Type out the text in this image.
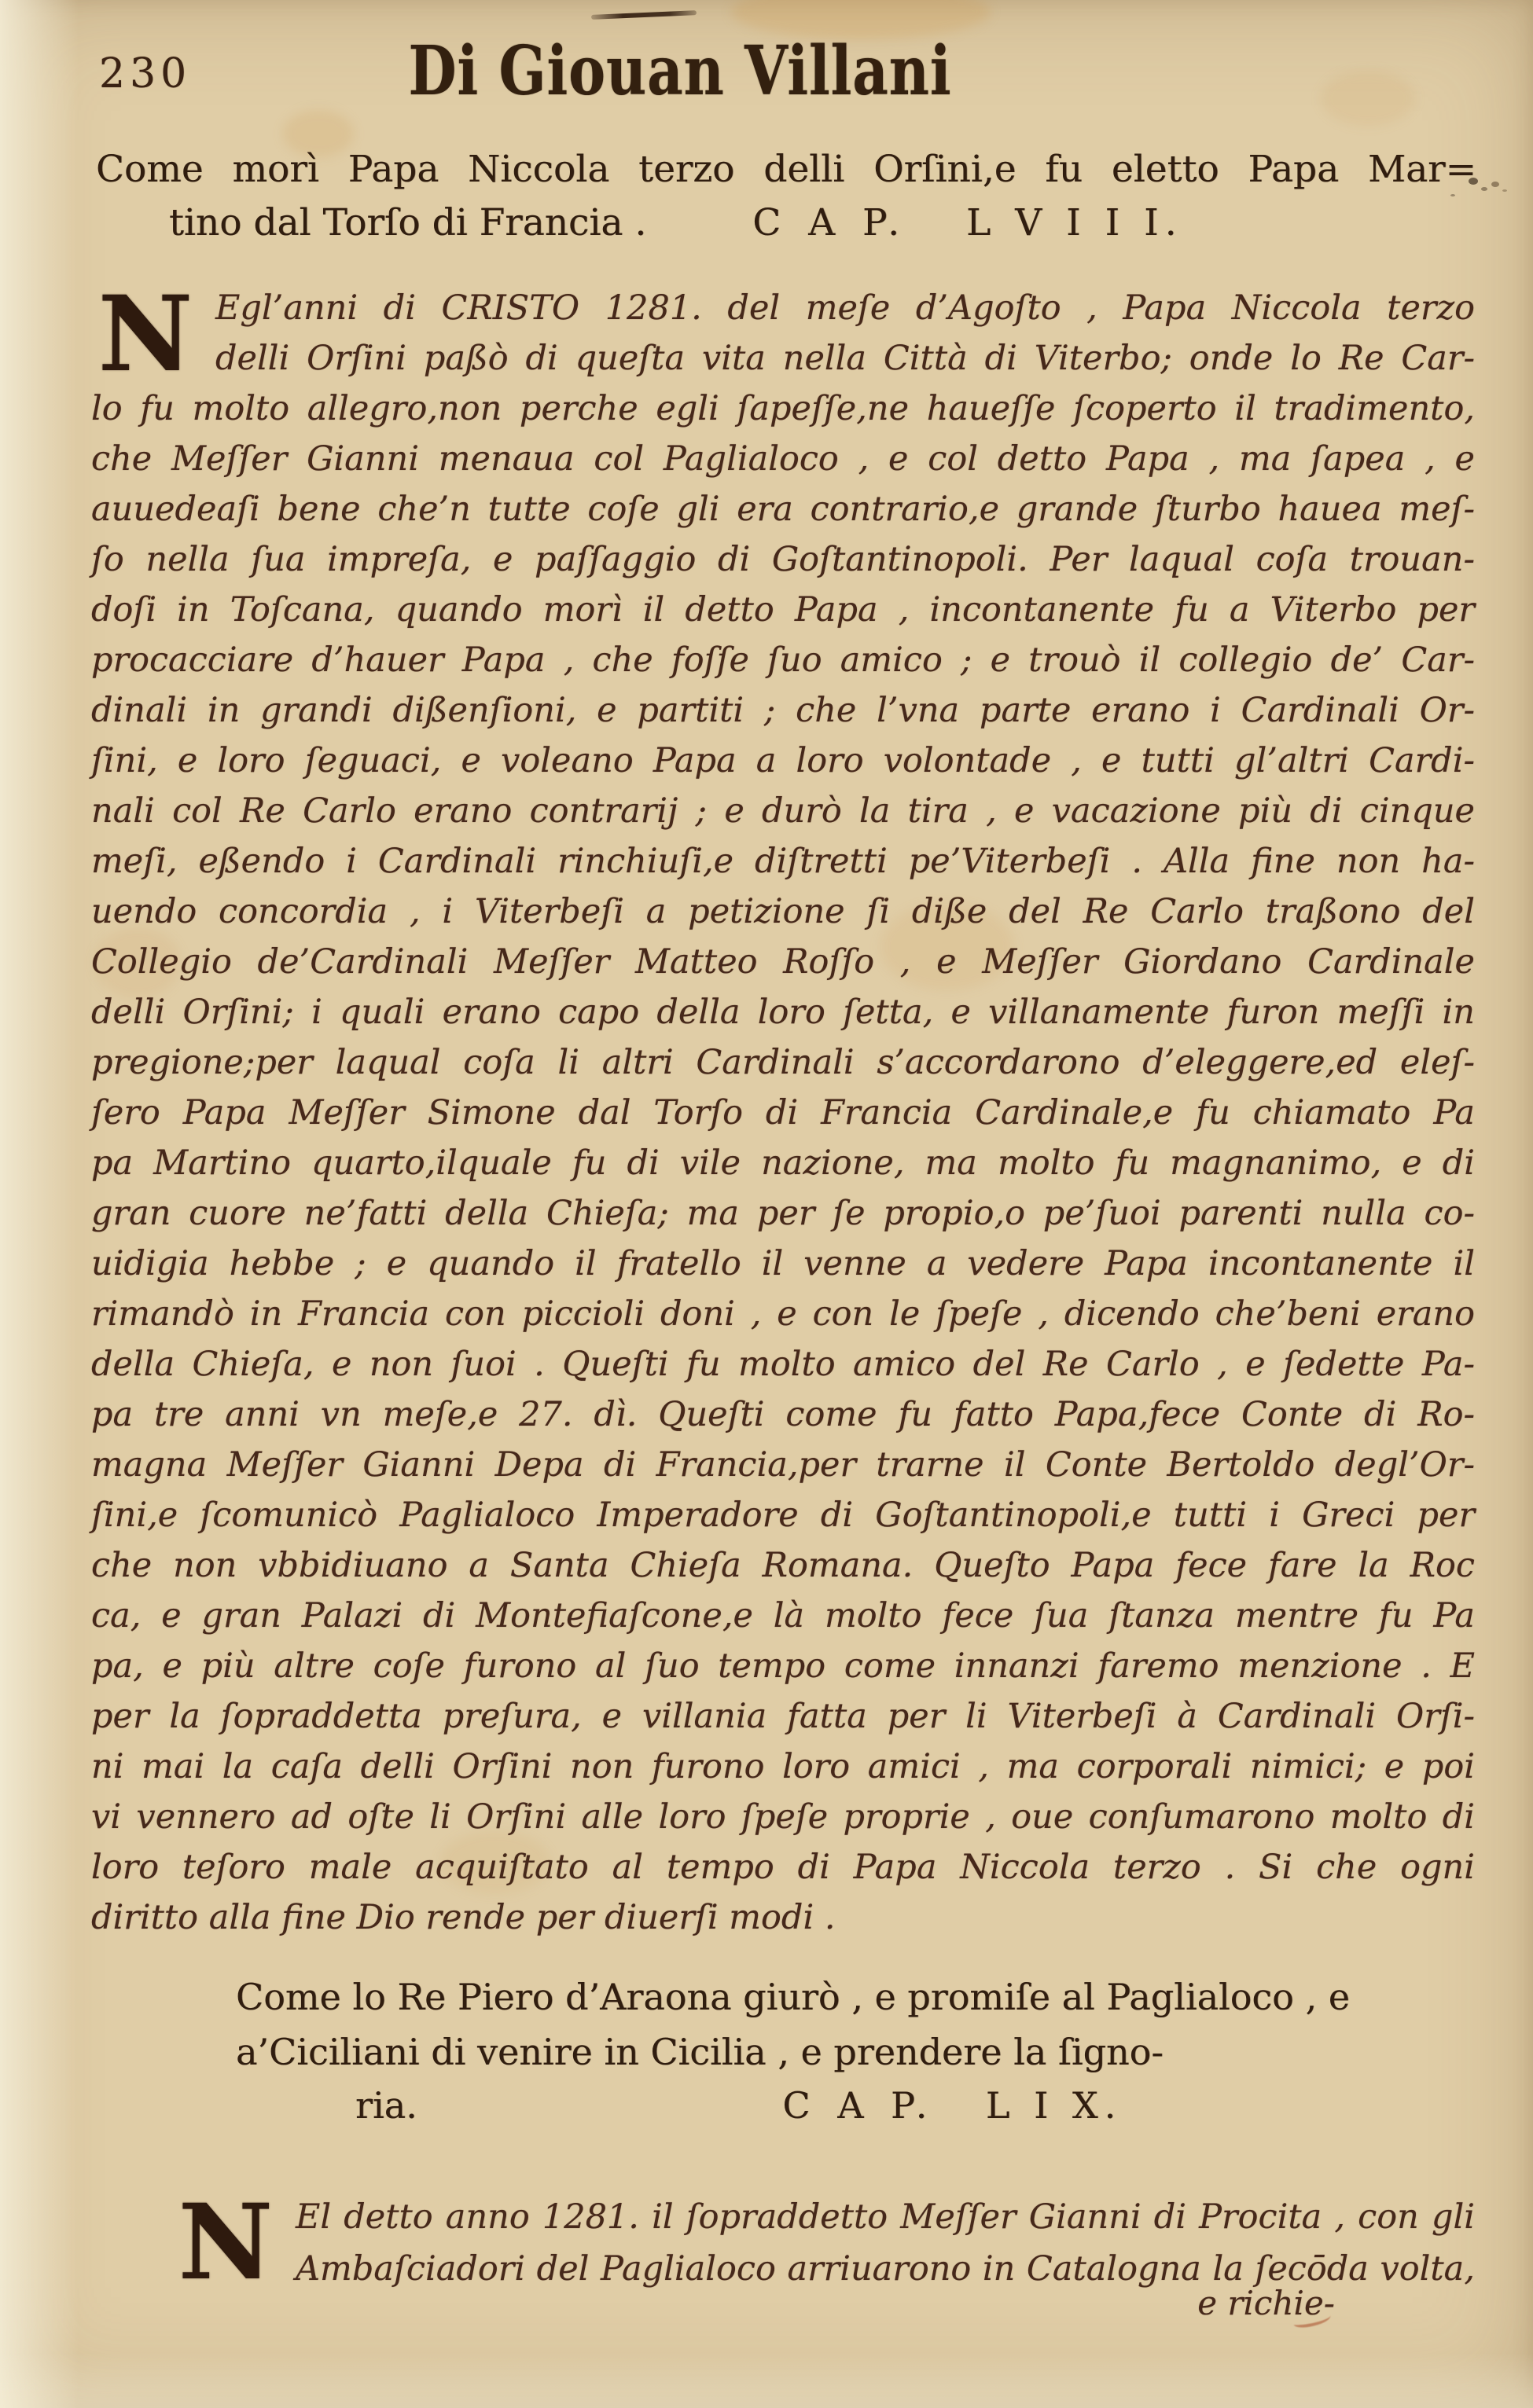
230	Di Giouan Villani
Come morì Papa Niccola terzo delli Orſini,e fu eletto Papa Mar=
tino dal Torſo di Francia .	C A P. L V I I I.
N Egl’anni di CRISTO 1281. del meſe d’Agoſto , Papa Niccola terzo
delli Orſini paßò di queſta vita nella Città di Viterbo; onde lo Re Car-
lo fu molto allegro,non perche egli ſapeſſe,ne haueſſe ſcoperto il tradimento,
che Meſſer Gianni menaua col Paglialoco , e col detto Papa , ma ſapea , e
auuedeaſi bene che’n tutte coſe gli era contrario,e grande ſturbo hauea meſ-
ſo nella ſua impreſa, e paſſaggio di Goſtantinopoli. Per laqual coſa trouan-
doſi in Toſcana, quando morì il detto Papa , incontanente fu a Viterbo per
procacciare d’hauer Papa , che foſſe ſuo amico ; e trouò il collegio de’ Car-
dinali in grandi dißenſioni, e partiti ; che l’vna parte erano i Cardinali Or-
ſini, e loro ſeguaci, e voleano Papa a loro volontade , e tutti gl’altri Cardi-
nali col Re Carlo erano contrarij ; e durò la tira , e vacazione più di cinque
meſi, eßendo i Cardinali rinchiuſi,e diſtretti pe’Viterbeſi . Alla fine non ha-
uendo concordia , i Viterbeſi a petizione ſi diße del Re Carlo traßono del
Collegio de’Cardinali Meſſer Matteo Roſſo , e Meſſer Giordano Cardinale
delli Orſini; i quali erano capo della loro ſetta, e villanamente furon meſſi in
pregione;per laqual coſa li altri Cardinali s’accordarono d’eleggere,ed eleſ-
ſero Papa Meſſer Simone dal Torſo di Francia Cardinale,e fu chiamato Pa
pa Martino quarto,ilquale fu di vile nazione, ma molto fu magnanimo, e di
gran cuore ne’fatti della Chieſa; ma per ſe propio,o pe’ſuoi parenti nulla co-
uidigia hebbe ; e quando il fratello il venne a vedere Papa incontanente il
rimandò in Francia con piccioli doni , e con le ſpeſe , dicendo che’beni erano
della Chieſa, e non ſuoi . Queſti fu molto amico del Re Carlo , e ſedette Pa-
pa tre anni vn meſe,e 27. dì. Queſti come fu fatto Papa,fece Conte di Ro-
magna Meſſer Gianni Depa di Francia,per trarne il Conte Bertoldo degl’Or-
ſini,e ſcomunicò Paglialoco Imperadore di Goſtantinopoli,e tutti i Greci per
che non vbbidiuano a Santa Chieſa Romana. Queſto Papa fece fare la Roc
ca, e gran Palazi di Montefiaſcone,e là molto fece ſua ſtanza mentre fu Pa
pa, e più altre coſe furono al ſuo tempo come innanzi faremo menzione . E
per la ſopraddetta preſura, e villania fatta per li Viterbeſi à Cardinali Orſi-
ni mai la caſa delli Orſini non furono loro amici , ma corporali nimici; e poi
vi vennero ad oſte li Orſini alle loro ſpeſe proprie , oue conſumarono molto di
loro teſoro male acquiſtato al tempo di Papa Niccola terzo . Si che ogni
diritto alla fine Dio rende per diuerſi modi .
Come lo Re Piero d’Araona giurò , e promiſe al Paglialoco , e
a’Ciciliani di venire in Cicilia , e prendere la ſigno-
ria.	C A P. L I X.
N El detto anno 1281. il ſopraddetto Meſſer Gianni di Procita , con gli
Ambaſciadori del Paglialoco arriuarono in Catalogna la ſecōda volta,
e richie-
